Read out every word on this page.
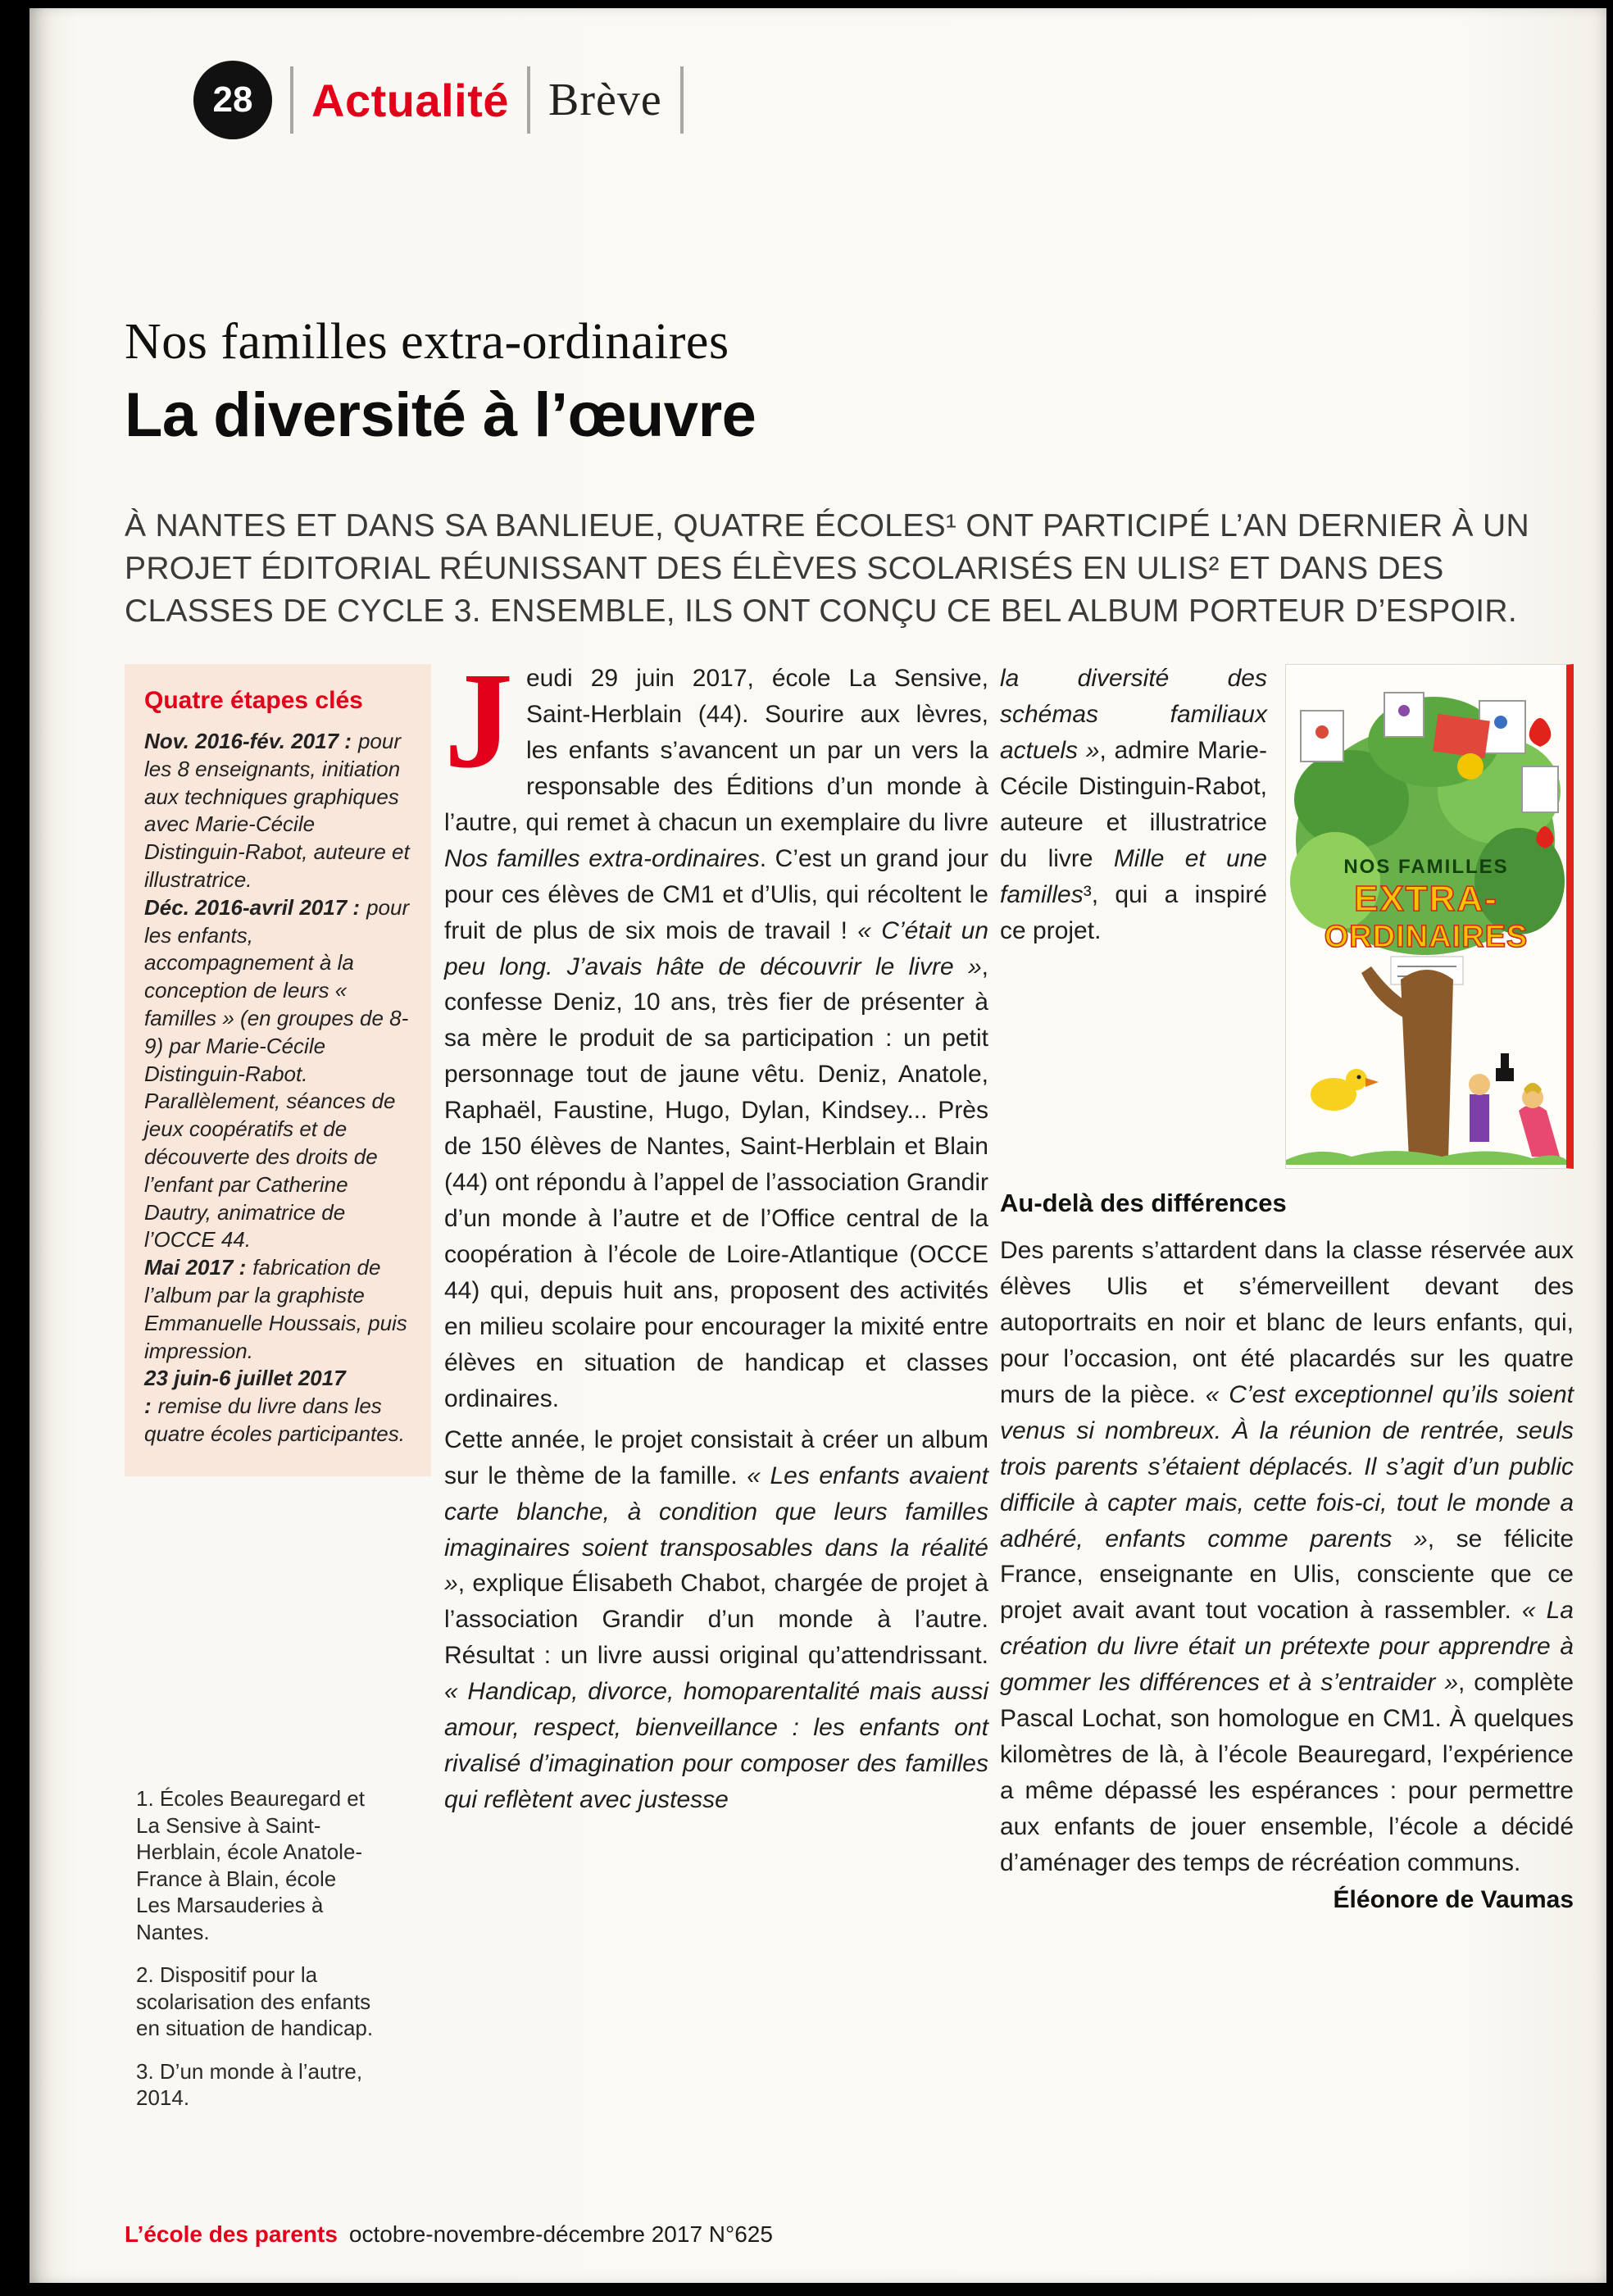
28 Actualité Brève
Nos familles extra-ordinaires
La diversité à l’œuvre
À NANTES ET DANS SA BANLIEUE, QUATRE ÉCOLES¹ ONT PARTICIPÉ L’AN DERNIER À UN PROJET ÉDITORIAL RÉUNISSANT DES ÉLÈVES SCOLARISÉS EN ULIS² ET DANS DES CLASSES DE CYCLE 3. ENSEMBLE, ILS ONT CONÇU CE BEL ALBUM PORTEUR D’ESPOIR.
Quatre étapes clés

Nov. 2016-fév. 2017 : pour les 8 enseignants, initiation aux techniques graphiques avec Marie-Cécile Distinguin-Rabot, auteure et illustratrice.

Déc. 2016-avril 2017 : pour les enfants, accompagnement à la conception de leurs « familles » (en groupes de 8-9) par Marie-Cécile Distinguin-Rabot. Parallèlement, séances de jeux coopératifs et de découverte des droits de l’enfant par Catherine Dautry, animatrice de l’OCCE 44.

Mai 2017 : fabrication de l’album par la graphiste Emmanuelle Houssais, puis impression.

23 juin-6 juillet 2017 : remise du livre dans les quatre écoles participantes.

1. Écoles Beauregard et La Sensive à Saint-Herblain, école Anatole-France à Blain, école Les Marsauderies à Nantes.

2. Dispositif pour la scolarisation des enfants en situation de handicap.

3. D’un monde à l’autre, 2014.

Jeudi 29 juin 2017, école La Sensive, Saint-Herblain (44). Sourire aux lèvres, les enfants s’avancent un par un vers la responsable des Éditions d’un monde à l’autre, qui remet à chacun un exemplaire du livre Nos familles extra-ordinaires. C’est un grand jour pour ces élèves de CM1 et d’Ulis, qui récoltent le fruit de plus de six mois de travail ! « C’était un peu long. J’avais hâte de découvrir le livre », confesse Deniz, 10 ans, très fier de présenter à sa mère le produit de sa participation : un petit personnage tout de jaune vêtu. Deniz, Anatole, Raphaël, Faustine, Hugo, Dylan, Kindsey... Près de 150 élèves de Nantes, Saint-Herblain et Blain (44) ont répondu à l’appel de l’association Grandir d’un monde à l’autre et de l’Office central de la coopération à l’école de Loire-Atlantique (OCCE 44) qui, depuis huit ans, proposent des activités en milieu scolaire pour encourager la mixité entre élèves en situation de handicap et classes ordinaires.

Cette année, le projet consistait à créer un album sur le thème de la famille. « Les enfants avaient carte blanche, à condition que leurs familles imaginaires soient transposables dans la réalité », explique Élisabeth Chabot, chargée de projet à l’association Grandir d’un monde à l’autre. Résultat : un livre aussi original qu’attendrissant. « Handicap, divorce, homoparentalité mais aussi amour, respect, bienveillance : les enfants ont rivalisé d’imagination pour composer des familles qui reflètent avec justesse

NOS FAMILLES
EXTRA-
ORDINAIRES

la diversité des schémas familiaux actuels », admire Marie-Cécile Distinguin-Rabot, auteure et illustratrice du livre Mille et une familles³, qui a inspiré ce projet.

Au-delà des différences

Des parents s’attardent dans la classe réservée aux élèves Ulis et s’émerveillent devant des autoportraits en noir et blanc de leurs enfants, qui, pour l’occasion, ont été placardés sur les quatre murs de la pièce. « C’est exceptionnel qu’ils soient venus si nombreux. À la réunion de rentrée, seuls trois parents s’étaient déplacés. Il s’agit d’un public difficile à capter mais, cette fois-ci, tout le monde a adhéré, enfants comme parents », se félicite France, enseignante en Ulis, consciente que ce projet avait avant tout vocation à rassembler. « La création du livre était un prétexte pour apprendre à gommer les différences et à s’entraider », complète Pascal Lochat, son homologue en CM1. À quelques kilomètres de là, à l’école Beauregard, l’expérience a même dépassé les espérances : pour permettre aux enfants de jouer ensemble, l’école a décidé d’aménager des temps de récréation communs.

Éléonore de Vaumas
L’école des parents octobre-novembre-décembre 2017 N°625
